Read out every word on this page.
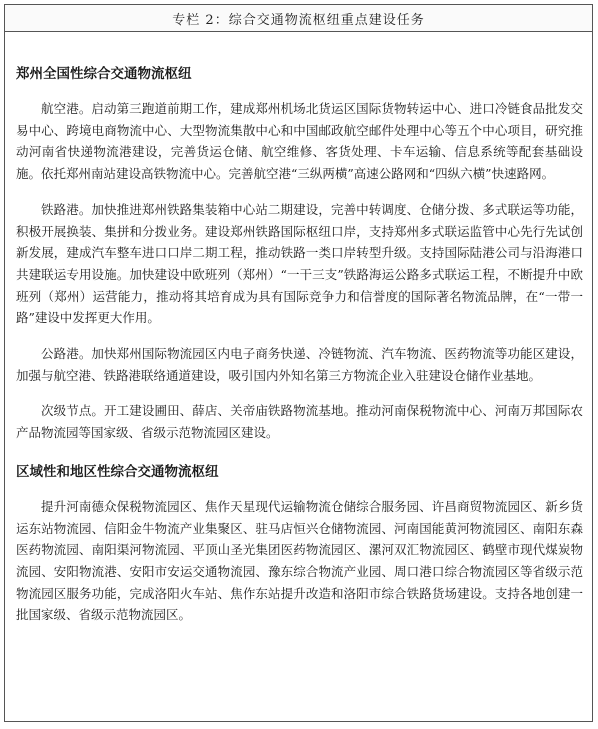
专栏 2：综合交通物流枢纽重点建设任务
郑州全国性综合交通物流枢纽

航空港。启动第三跑道前期工作，建成郑州机场北货运区国际货物转运中心、进口冷链食品批发交易中心、跨境电商物流中心、大型物流集散中心和中国邮政航空邮件处理中心等五个中心项目，研究推动河南省快递物流港建设，完善货运仓储、航空维修、客货处理、卡车运输、信息系统等配套基础设施。依托郑州南站建设高铁物流中心。完善航空港“三纵两横”高速公路网和“四纵六横”快速路网。

铁路港。加快推进郑州铁路集装箱中心站二期建设，完善中转调度、仓储分拨、多式联运等功能，积极开展换装、集拼和分拨业务。建设郑州铁路国际枢纽口岸，支持郑州多式联运监管中心先行先试创新发展，建成汽车整车进口口岸二期工程，推动铁路一类口岸转型升级。支持国际陆港公司与沿海港口共建联运专用设施。加快建设中欧班列（郑州）“一干三支”铁路海运公路多式联运工程，不断提升中欧班列（郑州）运营能力，推动将其培育成为具有国际竞争力和信誉度的国际著名物流品牌，在“一带一路”建设中发挥更大作用。

公路港。加快郑州国际物流园区内电子商务快递、冷链物流、汽车物流、医药物流等功能区建设，加强与航空港、铁路港联络通道建设，吸引国内外知名第三方物流企业入驻建设仓储作业基地。

次级节点。开工建设圃田、薛店、关帝庙铁路物流基地。推动河南保税物流中心、河南万邦国际农产品物流园等国家级、省级示范物流园区建设。

区域性和地区性综合交通物流枢纽

提升河南德众保税物流园区、焦作天星现代运输物流仓储综合服务园、许昌商贸物流园区、新乡货运东站物流园、信阳金牛物流产业集聚区、驻马店恒兴仓储物流园、河南国能黄河物流园区、南阳东森医药物流园、南阳渠河物流园、平顶山圣光集团医药物流园区、漯河双汇物流园区、鹤壁市现代煤炭物流园、安阳物流港、安阳市安运交通物流园、豫东综合物流产业园、周口港口综合物流园区等省级示范物流园区服务功能，完成洛阳火车站、焦作东站提升改造和洛阳市综合铁路货场建设。支持各地创建一批国家级、省级示范物流园区。
